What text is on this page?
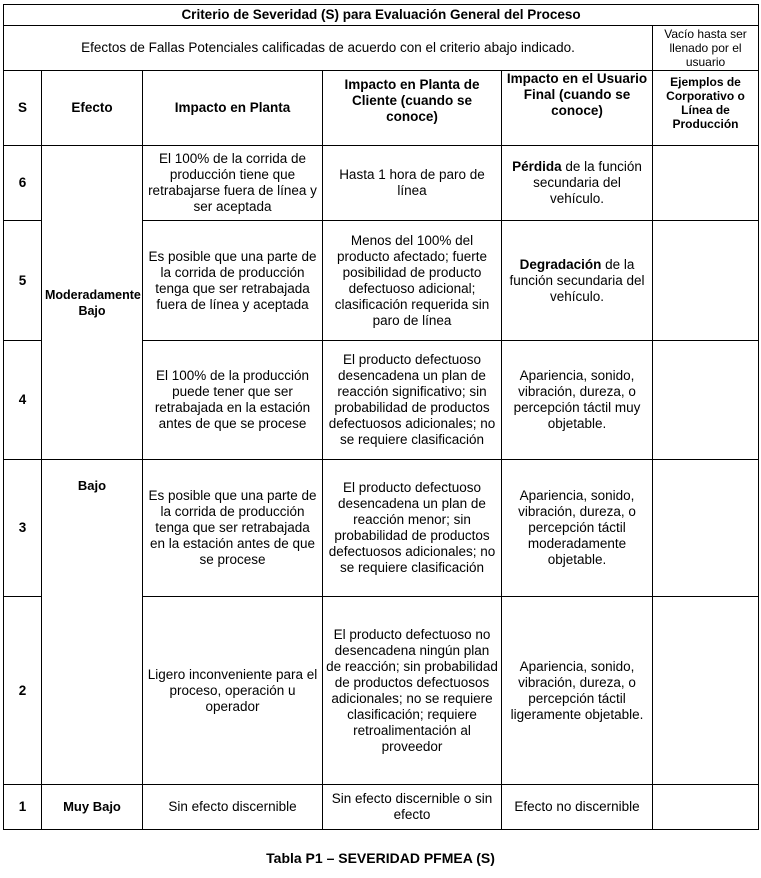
Criterio de Severidad (S) para Evaluación General del Proceso					
Efectos de Fallas Potenciales calificadas de acuerdo con el criterio abajo indicado.					Vacío hasta ser llenado por el usuario
S	Efecto	Impacto en Planta	Impacto en Planta de Cliente (cuando se conoce)	Impacto en el Usuario Final (cuando se conoce)	Ejemplos de Corporativo o Línea de Producción
6	Moderadamente Bajo	El 100% de la corrida de producción tiene que retrabajarse fuera de línea y ser aceptada	Hasta 1 hora de paro de línea	Pérdida de la función secundaria del vehículo.	
5		Es posible que una parte de la corrida de producción tenga que ser retrabajada fuera de línea y aceptada	Menos del 100% del producto afectado; fuerte posibilidad de producto defectuoso adicional; clasificación requerida sin paro de línea	Degradación de la función secundaria del vehículo.	
4		El 100% de la producción puede tener que ser retrabajada en la estación antes de que se procese	El producto defectuoso desencadena un plan de reacción significativo; sin probabilidad de productos defectuosos adicionales; no se requiere clasificación	Apariencia, sonido, vibración, dureza, o percepción táctil muy objetable.	
3	Bajo	Es posible que una parte de la corrida de producción tenga que ser retrabajada en la estación antes de que se procese	El producto defectuoso desencadena un plan de reacción menor; sin probabilidad de productos defectuosos adicionales; no se requiere clasificación	Apariencia, sonido, vibración, dureza, o percepción táctil moderadamente objetable.	
2		Ligero inconveniente para el proceso, operación u operador	El producto defectuoso no desencadena ningún plan de reacción; sin probabilidad de productos defectuosos adicionales; no se requiere clasificación; requiere retroalimentación al proveedor	Apariencia, sonido, vibración, dureza, o percepción táctil ligeramente objetable.	
1	Muy Bajo	Sin efecto discernible	Sin efecto discernible o sin efecto	Efecto no discernible	
Tabla P1 – SEVERIDAD PFMEA (S)
